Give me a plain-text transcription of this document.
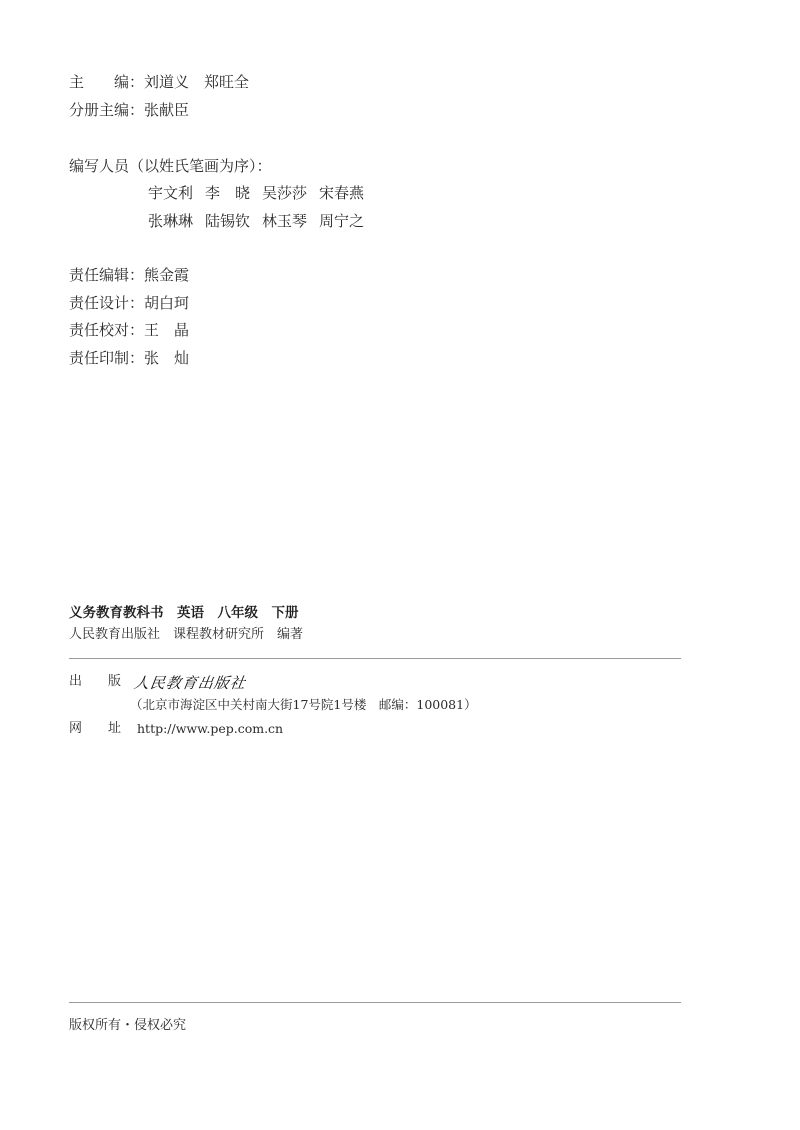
主　　编：刘道义　郑旺全
分册主编：张献臣
编写人员（以姓氏笔画为序）：
宇文利 李　晓 吴莎莎 宋春燕
张琳琳 陆锡钦 林玉琴 周宁之
责任编辑：熊金霞
责任设计：胡白珂
责任校对：王　晶
责任印制：张　灿
义务教育教科书　英语　八年级　下册
人民教育出版社　课程教材研究所　编著
出　　版 人民教育出版社
（北京市海淀区中关村南大街17号院1号楼　邮编：100081）
网　　址 http://www.pep.com.cn
版权所有・侵权必究
